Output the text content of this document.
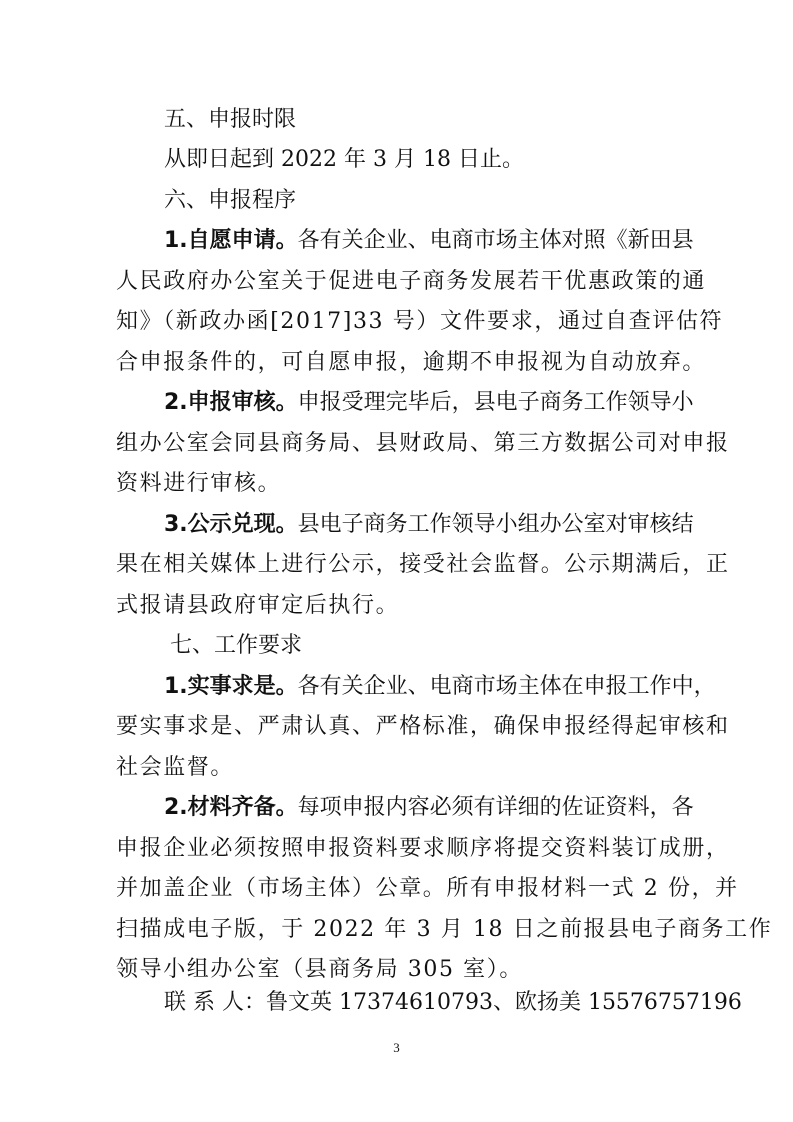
五、申报时限
从即日起到 2022 年 3 月 18 日止。
六、申报程序
1.自愿申请。各有关企业、电商市场主体对照《新田县
人民政府办公室关于促进电子商务发展若干优惠政策的通
知》（新政办函[2017]33 号）文件要求，通过自查评估符
合申报条件的，可自愿申报，逾期不申报视为自动放弃。
2.申报审核。申报受理完毕后，县电子商务工作领导小
组办公室会同县商务局、县财政局、第三方数据公司对申报
资料进行审核。
3.公示兑现。县电子商务工作领导小组办公室对审核结
果在相关媒体上进行公示，接受社会监督。公示期满后，正
式报请县政府审定后执行。
七、工作要求
1.实事求是。各有关企业、电商市场主体在申报工作中，
要实事求是、严肃认真、严格标准，确保申报经得起审核和
社会监督。
2.材料齐备。每项申报内容必须有详细的佐证资料，各
申报企业必须按照申报资料要求顺序将提交资料装订成册，
并加盖企业（市场主体）公章。所有申报材料一式 2 份，并
扫描成电子版，于 2022 年 3 月 18 日之前报县电子商务工作
领导小组办公室（县商务局 305 室）。
联 系 人：鲁文英 17374610793、欧扬美 15576757196
3
